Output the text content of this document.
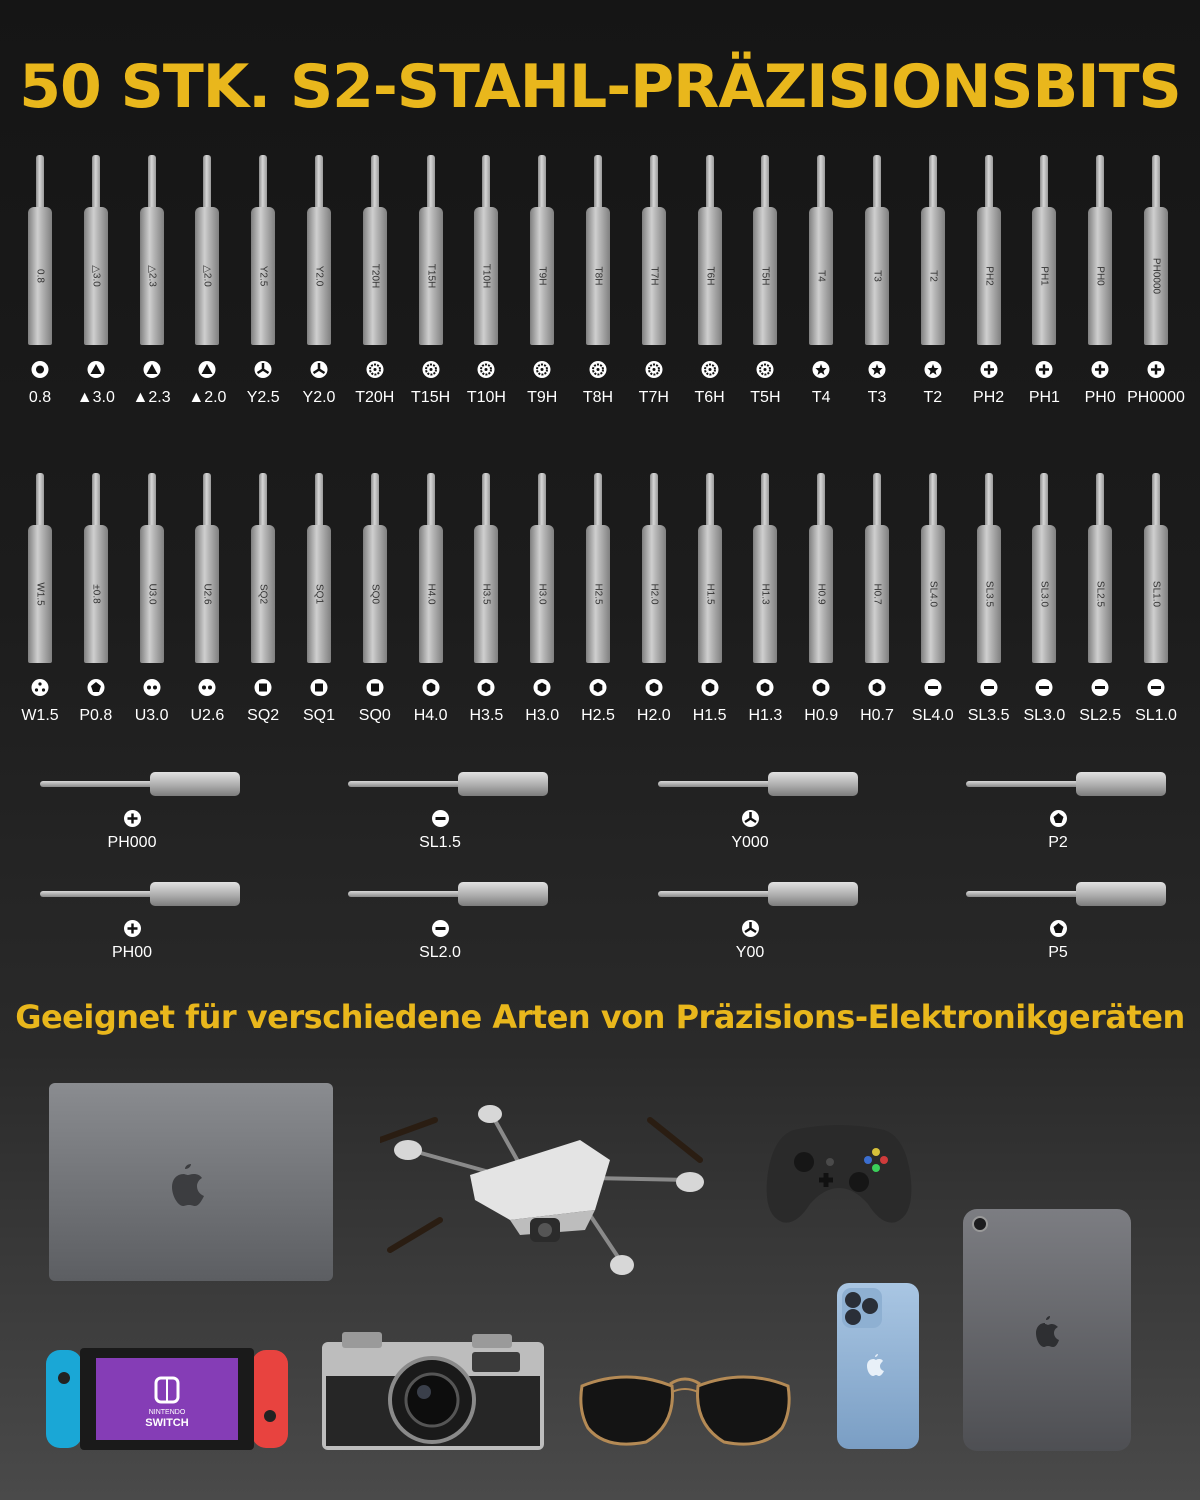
50 STK. S2-STAHL-PRÄZISIONSBITS
0.8
0.8
△3.0
▲3.0
△2.3
▲2.3
△2.0
▲2.0
Y2.5
Y2.5
Y2.0
Y2.0
T20H
T20H
T15H
T15H
T10H
T10H
T9H
T9H
T8H
T8H
T7H
T7H
T6H
T6H
T5H
T5H
T4
T4
T3
T3
T2
T2
PH2
PH2
PH1
PH1
PH0
PH0
PH0000
PH0000
W1.5
W1.5
±0.8
P0.8
U3.0
U3.0
U2.6
U2.6
SQ2
SQ2
SQ1
SQ1
SQ0
SQ0
H4.0
H4.0
H3.5
H3.5
H3.0
H3.0
H2.5
H2.5
H2.0
H2.0
H1.5
H1.5
H1.3
H1.3
H0.9
H0.9
H0.7
H0.7
SL4.0
SL4.0
SL3.5
SL3.5
SL3.0
SL3.0
SL2.5
SL2.5
SL1.0
SL1.0
PH000	SL1.5	Y000	P2
PH00	SL2.0	Y00	P5
Geeignet für verschiedene Arten von Präzisions-Elektronikgeräten
NINTENDO
SWITCH
